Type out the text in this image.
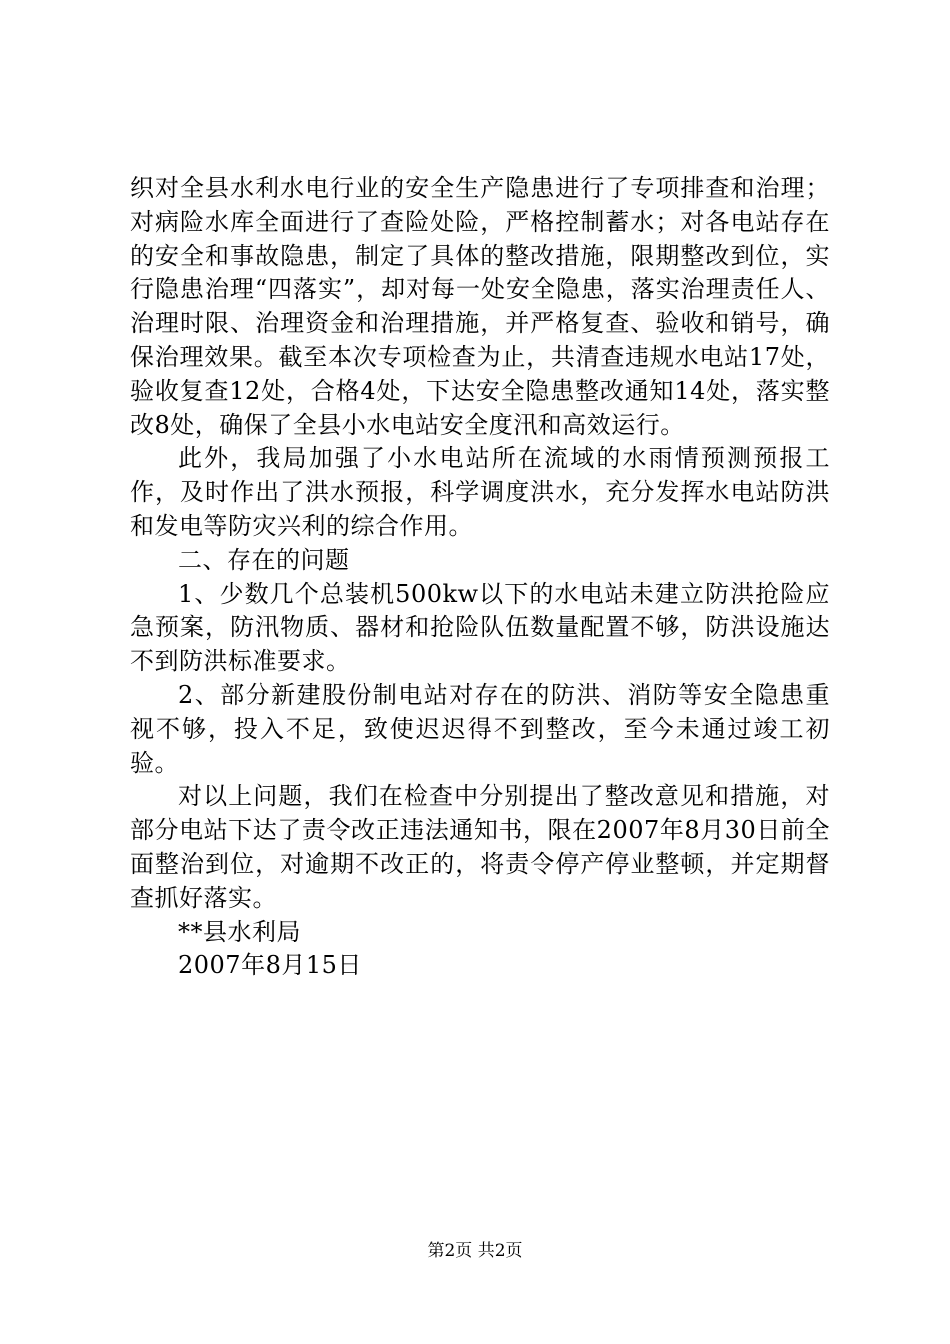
织对全县水利水电行业的安全生产隐患进行了专项排查和治理；对病险水库全面进行了查险处险，严格控制蓄水；对各电站存在的安全和事故隐患，制定了具体的整改措施，限期整改到位，实行隐患治理“四落实”，却对每一处安全隐患，落实治理责任人、治理时限、治理资金和治理措施，并严格复查、验收和销号，确保治理效果。截至本次专项检查为止，共清查违规水电站17处，验收复查12处，合格4处，下达安全隐患整改通知14处，落实整改8处，确保了全县小水电站安全度汛和高效运行。

此外，我局加强了小水电站所在流域的水雨情预测预报工作，及时作出了洪水预报，科学调度洪水，充分发挥水电站防洪和发电等防灾兴利的综合作用。

二、存在的问题

1、少数几个总装机500kw以下的水电站未建立防洪抢险应急预案，防汛物质、器材和抢险队伍数量配置不够，防洪设施达不到防洪标准要求。

2、部分新建股份制电站对存在的防洪、消防等安全隐患重视不够，投入不足，致使迟迟得不到整改，至今未通过竣工初验。

对以上问题，我们在检查中分别提出了整改意见和措施，对部分电站下达了责令改正违法通知书，限在2007年8月30日前全面整治到位，对逾期不改正的，将责令停产停业整顿，并定期督查抓好落实。

**县水利局

2007年8月15日

第2页 共2页
